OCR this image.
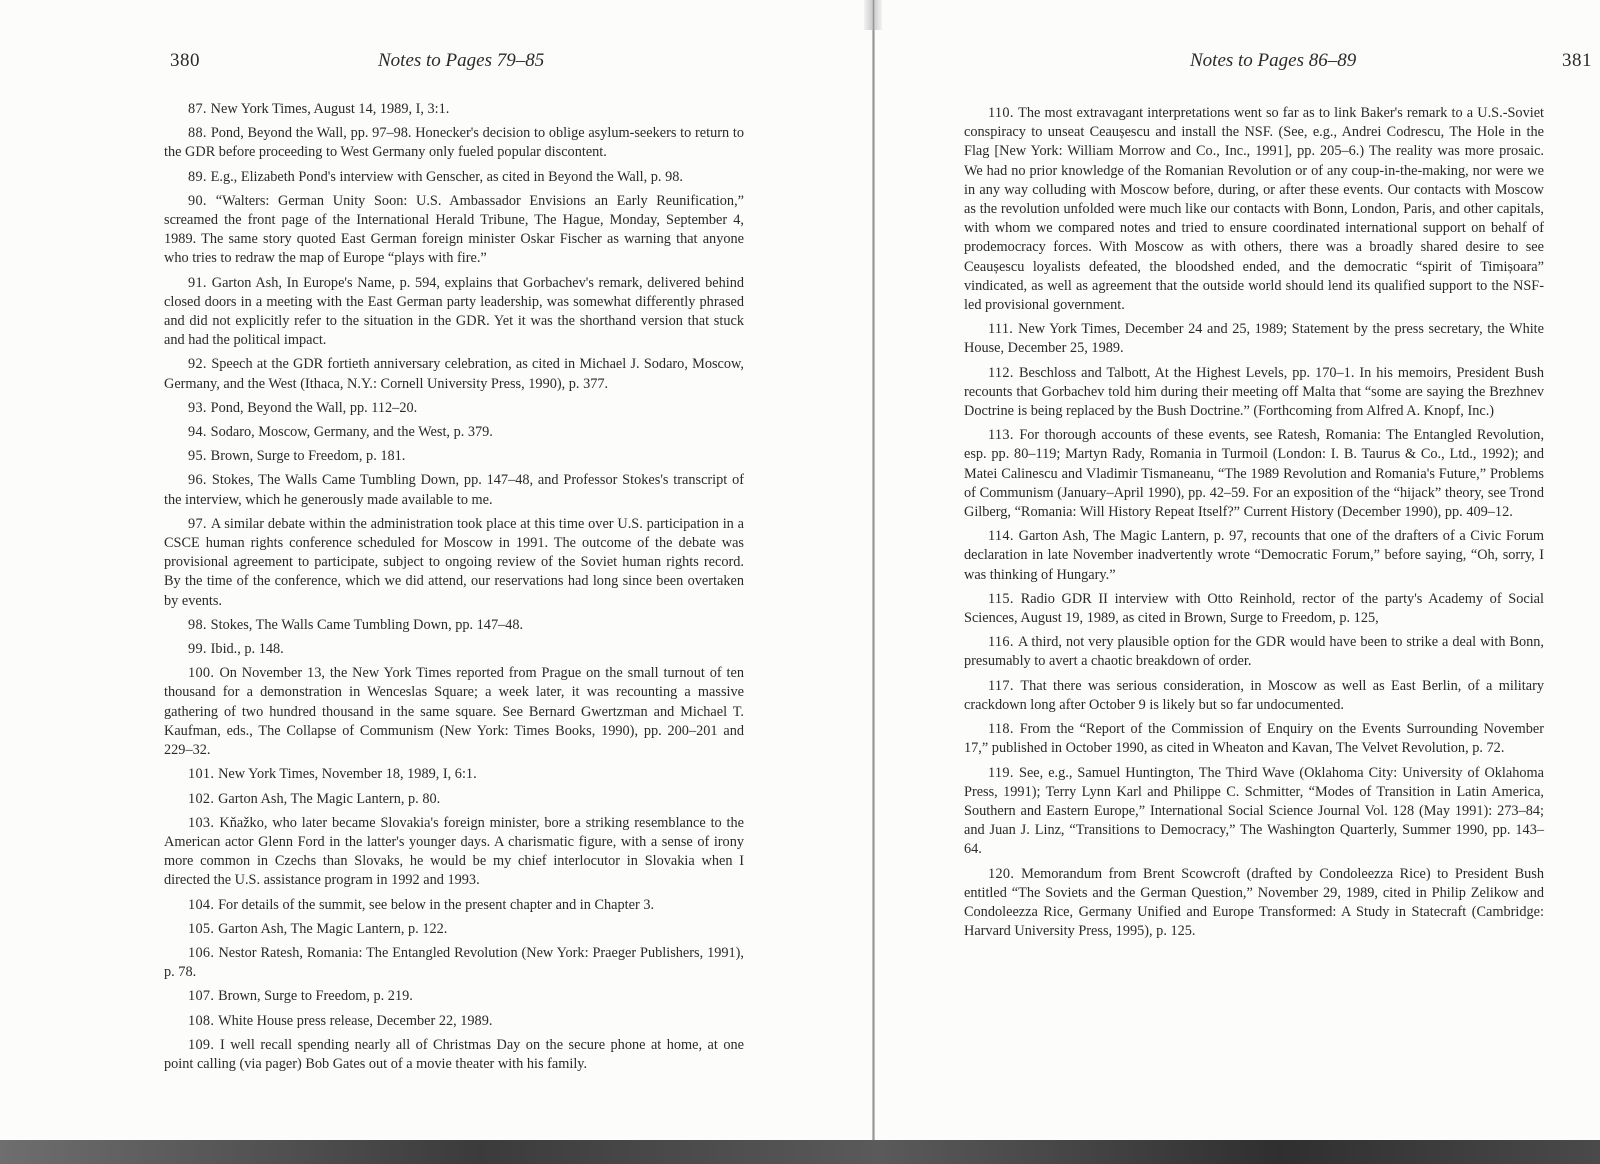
380	Notes to Pages 79–85

87. New York Times, August 14, 1989, I, 3:1.

88. Pond, Beyond the Wall, pp. 97–98. Honecker's decision to oblige asylum-seekers to return to the GDR before proceeding to West Germany only fueled popular discontent.

89. E.g., Elizabeth Pond's interview with Genscher, as cited in Beyond the Wall, p. 98.

90. “Walters: German Unity Soon: U.S. Ambassador Envisions an Early Reunification,” screamed the front page of the International Herald Tribune, The Hague, Monday, September 4, 1989. The same story quoted East German foreign minister Oskar Fischer as warning that anyone who tries to redraw the map of Europe “plays with fire.”

91. Garton Ash, In Europe's Name, p. 594, explains that Gorbachev's remark, delivered behind closed doors in a meeting with the East German party leadership, was somewhat differently phrased and did not explicitly refer to the situation in the GDR. Yet it was the shorthand version that stuck and had the political impact.

92. Speech at the GDR fortieth anniversary celebration, as cited in Michael J. Sodaro, Moscow, Germany, and the West (Ithaca, N.Y.: Cornell University Press, 1990), p. 377.

93. Pond, Beyond the Wall, pp. 112–20.

94. Sodaro, Moscow, Germany, and the West, p. 379.

95. Brown, Surge to Freedom, p. 181.

96. Stokes, The Walls Came Tumbling Down, pp. 147–48, and Professor Stokes's transcript of the interview, which he generously made available to me.

97. A similar debate within the administration took place at this time over U.S. participation in a CSCE human rights conference scheduled for Moscow in 1991. The outcome of the debate was provisional agreement to participate, subject to ongoing review of the Soviet human rights record. By the time of the conference, which we did attend, our reservations had long since been overtaken by events.

98. Stokes, The Walls Came Tumbling Down, pp. 147–48.

99. Ibid., p. 148.

100. On November 13, the New York Times reported from Prague on the small turnout of ten thousand for a demonstration in Wenceslas Square; a week later, it was recounting a massive gathering of two hundred thousand in the same square. See Bernard Gwertzman and Michael T. Kaufman, eds., The Collapse of Communism (New York: Times Books, 1990), pp. 200–201 and 229–32.

101. New York Times, November 18, 1989, I, 6:1.

102. Garton Ash, The Magic Lantern, p. 80.

103. Kňažko, who later became Slovakia's foreign minister, bore a striking resemblance to the American actor Glenn Ford in the latter's younger days. A charismatic figure, with a sense of irony more common in Czechs than Slovaks, he would be my chief interlocutor in Slovakia when I directed the U.S. assistance program in 1992 and 1993.

104. For details of the summit, see below in the present chapter and in Chapter 3.

105. Garton Ash, The Magic Lantern, p. 122.

106. Nestor Ratesh, Romania: The Entangled Revolution (New York: Praeger Publishers, 1991), p. 78.

107. Brown, Surge to Freedom, p. 219.

108. White House press release, December 22, 1989.

109. I well recall spending nearly all of Christmas Day on the secure phone at home, at one point calling (via pager) Bob Gates out of a movie theater with his family.

Notes to Pages 86–89	381

110. The most extravagant interpretations went so far as to link Baker's remark to a U.S.-Soviet conspiracy to unseat Ceaușescu and install the NSF. (See, e.g., Andrei Codrescu, The Hole in the Flag [New York: William Morrow and Co., Inc., 1991], pp. 205–6.) The reality was more prosaic. We had no prior knowledge of the Romanian Revolution or of any coup-in-the-making, nor were we in any way colluding with Moscow before, during, or after these events. Our contacts with Moscow as the revolution unfolded were much like our contacts with Bonn, London, Paris, and other capitals, with whom we compared notes and tried to ensure coordinated international support on behalf of prodemocracy forces. With Moscow as with others, there was a broadly shared desire to see Ceaușescu loyalists defeated, the bloodshed ended, and the democratic “spirit of Timișoara” vindicated, as well as agreement that the outside world should lend its qualified support to the NSF-led provisional government.

111. New York Times, December 24 and 25, 1989; Statement by the press secretary, the White House, December 25, 1989.

112. Beschloss and Talbott, At the Highest Levels, pp. 170–1. In his memoirs, President Bush recounts that Gorbachev told him during their meeting off Malta that “some are saying the Brezhnev Doctrine is being replaced by the Bush Doctrine.” (Forthcoming from Alfred A. Knopf, Inc.)

113. For thorough accounts of these events, see Ratesh, Romania: The Entangled Revolution, esp. pp. 80–119; Martyn Rady, Romania in Turmoil (London: I. B. Taurus & Co., Ltd., 1992); and Matei Calinescu and Vladimir Tismaneanu, “The 1989 Revolution and Romania's Future,” Problems of Communism (January–April 1990), pp. 42–59. For an exposition of the “hijack” theory, see Trond Gilberg, “Romania: Will History Repeat Itself?” Current History (December 1990), pp. 409–12.

114. Garton Ash, The Magic Lantern, p. 97, recounts that one of the drafters of a Civic Forum declaration in late November inadvertently wrote “Democratic Forum,” before saying, “Oh, sorry, I was thinking of Hungary.”

115. Radio GDR II interview with Otto Reinhold, rector of the party's Academy of Social Sciences, August 19, 1989, as cited in Brown, Surge to Freedom, p. 125,

116. A third, not very plausible option for the GDR would have been to strike a deal with Bonn, presumably to avert a chaotic breakdown of order.

117. That there was serious consideration, in Moscow as well as East Berlin, of a military crackdown long after October 9 is likely but so far undocumented.

118. From the “Report of the Commission of Enquiry on the Events Surrounding November 17,” published in October 1990, as cited in Wheaton and Kavan, The Velvet Revolution, p. 72.

119. See, e.g., Samuel Huntington, The Third Wave (Oklahoma City: University of Oklahoma Press, 1991); Terry Lynn Karl and Philippe C. Schmitter, “Modes of Transition in Latin America, Southern and Eastern Europe,” International Social Science Journal Vol. 128 (May 1991): 273–84; and Juan J. Linz, “Transitions to Democracy,” The Washington Quarterly, Summer 1990, pp. 143–64.

120. Memorandum from Brent Scowcroft (drafted by Condoleezza Rice) to President Bush entitled “The Soviets and the German Question,” November 29, 1989, cited in Philip Zelikow and Condoleezza Rice, Germany Unified and Europe Transformed: A Study in Statecraft (Cambridge: Harvard University Press, 1995), p. 125.
